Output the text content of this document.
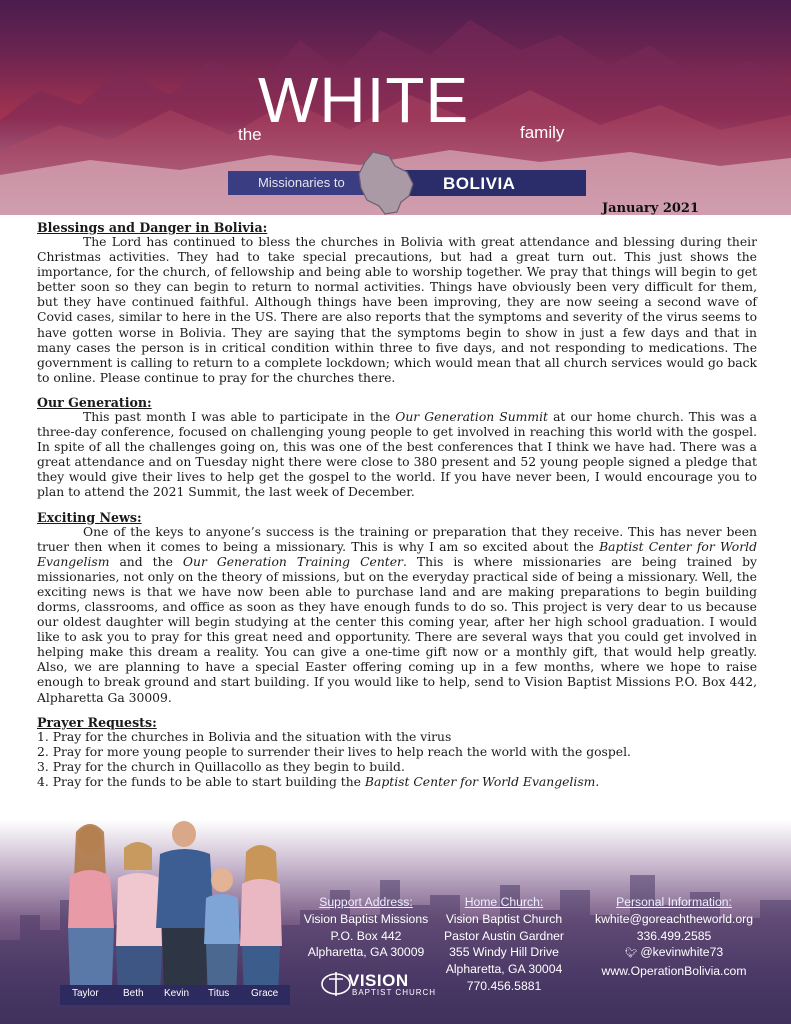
the
WHITE	family
Missionaries to	BOLIVIA
January 2021
Blessings and Danger in Bolivia:

The Lord has continued to bless the churches in Bolivia with great attendance and blessing during their Christmas activities. They had to take special precautions, but had a great turn out. This just shows the importance, for the church, of fellowship and being able to worship together. We pray that things will begin to get better soon so they can begin to return to normal activities. Things have obviously been very difficult for them, but they have continued faithful. Although things have been improving, they are now seeing a second wave of Covid cases, similar to here in the US. There are also reports that the symptoms and severity of the virus seems to have gotten worse in Bolivia. They are saying that the symptoms begin to show in just a few days and that in many cases the person is in critical condition within three to five days, and not responding to medications. The government is calling to return to a complete lockdown; which would mean that all church services would go back to online. Please continue to pray for the churches there.

Our Generation:

This past month I was able to participate in the Our Generation Summit at our home church. This was a three-day conference, focused on challenging young people to get involved in reaching this world with the gospel. In spite of all the challenges going on, this was one of the best conferences that I think we have had. There was a great attendance and on Tuesday night there were close to 380 present and 52 young people signed a pledge that they would give their lives to help get the gospel to the world. If you have never been, I would encourage you to plan to attend the 2021 Summit, the last week of December.

Exciting News:

One of the keys to anyone’s success is the training or preparation that they receive. This has never been truer then when it comes to being a missionary. This is why I am so excited about the Baptist Center for World Evangelism and the Our Generation Training Center. This is where missionaries are being trained by missionaries, not only on the theory of missions, but on the everyday practical side of being a missionary. Well, the exciting news is that we have now been able to purchase land and are making preparations to begin building dorms, classrooms, and office as soon as they have enough funds to do so. This project is very dear to us because our oldest daughter will begin studying at the center this coming year, after her high school graduation. I would like to ask you to pray for this great need and opportunity. There are several ways that you could get involved in helping make this dream a reality. You can give a one-time gift now or a monthly gift, that would help greatly. Also, we are planning to have a special Easter offering coming up in a few months, where we hope to raise enough to break ground and start building. If you would like to help, send to Vision Baptist Missions P.O. Box 442, Alpharetta Ga 30009.

Prayer Requests:
1. Pray for the churches in Bolivia and the situation with the virus
2. Pray for more young people to surrender their lives to help reach the world with the gospel.
3. Pray for the church in Quillacollo as they begin to build.
4. Pray for the funds to be able to start building the Baptist Center for World Evangelism.
Taylor Beth Kevin Titus Grace
Support Address:
Vision Baptist Missions
P.O. Box 442
Alpharetta, GA 30009
Home Church:
Vision Baptist Church
Pastor Austin Gardner
355 Windy Hill Drive
Alpharetta, GA 30004
770.456.5881
Personal Information:
kwhite@goreachtheworld.org
336.499.2585
🐦︎ @kevinwhite73
www.OperationBolivia.com
VISION
BAPTIST CHURCH
